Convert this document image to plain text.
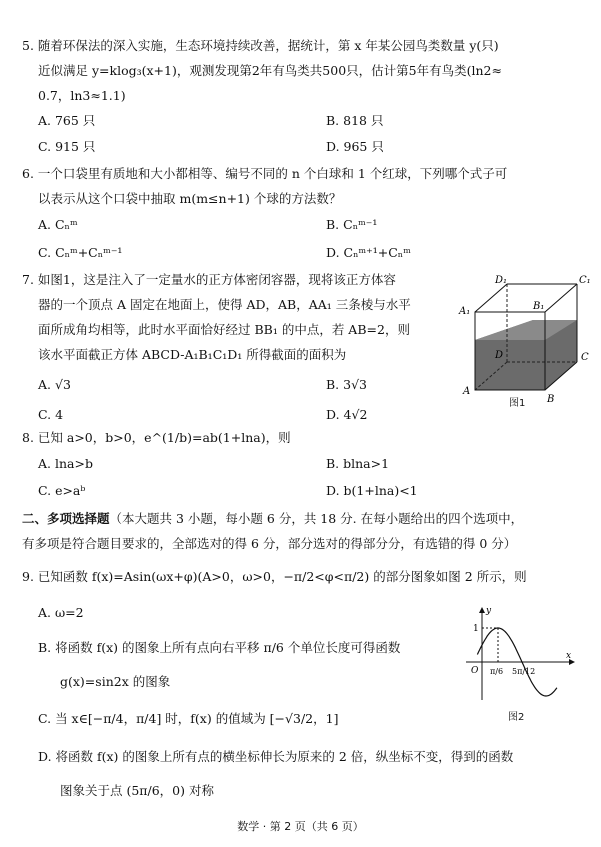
5. 随着环保法的深入实施，生态环境持续改善，据统计，第 x 年某公园鸟类数量 y(只)
近似满足 y=klog₃(x+1)，观测发现第2年有鸟类共500只，估计第5年有鸟类(ln2≈
0.7，ln3≈1.1)
A. 765 只	B. 818 只
C. 915 只	D. 965 只
6. 一个口袋里有质地和大小都相等、编号不同的 n 个白球和 1 个红球，下列哪个式子可
以表示从这个口袋中抽取 m(m≤n+1) 个球的方法数？
A. Cₙᵐ	B. Cₙᵐ⁻¹
C. Cₙᵐ+Cₙᵐ⁻¹	D. Cₙᵐ⁺¹+Cₙᵐ
7. 如图1，这是注入了一定量水的正方体密闭容器，现将该正方体容
器的一个顶点 A 固定在地面上，使得 AD，AB，AA₁ 三条棱与水平
面所成角均相等，此时水平面恰好经过 BB₁ 的中点，若 AB=2，则
该水平面截正方体 ABCD-A₁B₁C₁D₁ 所得截面的面积为
A. √3	B. 3√3
C. 4	D. 4√2
D₁	C₁
A₁	B₁
D	C
A
B
图1
8. 已知 a>0，b>0，e^(1/b)=ab(1+lna)，则
A. lna>b	B. blna>1
C. e>aᵇ	D. b(1+lna)<1
二、多项选择题（本大题共 3 小题，每小题 6 分，共 18 分. 在每小题给出的四个选项中，
有多项是符合题目要求的，全部选对的得 6 分，部分选对的得部分分，有选错的得 0 分）
9. 已知函数 f(x)=Asin(ωx+φ)(A>0，ω>0，−π/2<φ<π/2) 的部分图象如图 2 所示，则
A. ω=2
B. 将函数 f(x) 的图象上所有点向右平移 π/6 个单位长度可得函数
g(x)=sin2x 的图象
C. 当 x∈[−π/4，π/4] 时，f(x) 的值域为 [−√3/2，1]
D. 将函数 f(x) 的图象上所有点的横坐标伸长为原来的 2 倍，纵坐标不变，得到的函数
图象关于点 (5π/6，0) 对称
y
x
1
O π/6 5π/12
图2
数学 · 第 2 页（共 6 页）
